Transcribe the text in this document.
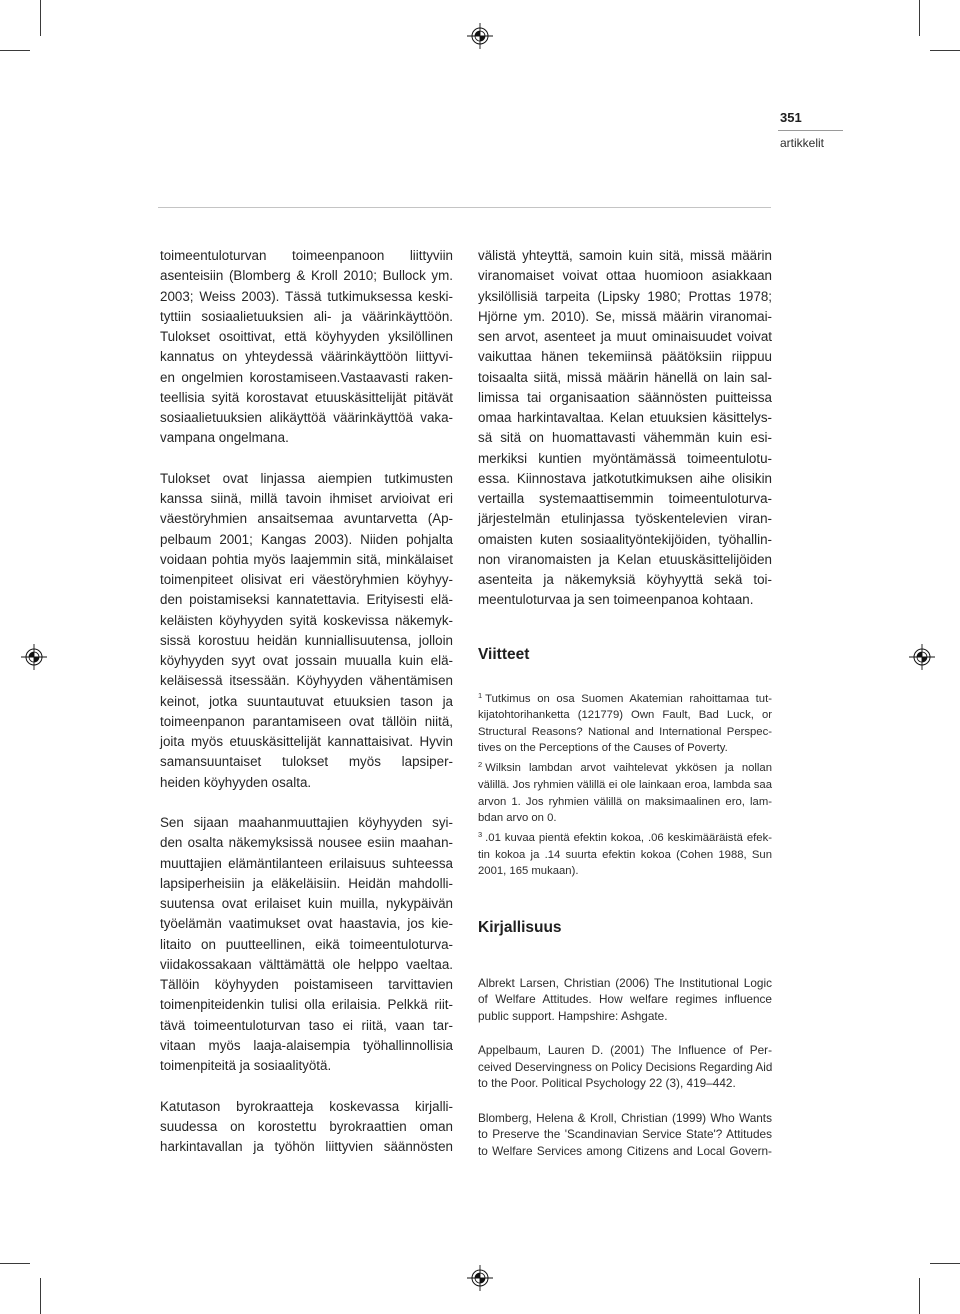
351
artikkelit
toimeentuloturvan toimeenpanoon liittyviin
asenteisiin (Blomberg & Kroll 2010; Bullock ym.
2003; Weiss 2003). Tässä tutkimuksessa keski-
tyttiin sosiaalietuuksien ali- ja väärinkäyttöön.
Tulokset osoittivat, että köyhyyden yksilöllinen
kannatus on yhteydessä väärinkäyttöön liittyvi-
en ongelmien korostamiseen.Vastaavasti raken-
teellisia syitä korostavat etuuskäsittelijät pitävät
sosiaalietuuksien alikäyttöä väärinkäyttöä vaka-
vampana ongelmana.
Tulokset ovat linjassa aiempien tutkimusten
kanssa siinä, millä tavoin ihmiset arvioivat eri
väestöryhmien ansaitsemaa avuntarvetta (Ap-
pelbaum 2001; Kangas 2003). Niiden pohjalta
voidaan pohtia myös laajemmin sitä, minkälaiset
toimenpiteet olisivat eri väestöryhmien köyhyy-
den poistamiseksi kannatettavia. Erityisesti elä-
keläisten köyhyyden syitä koskevissa näkemyk-
sissä korostuu heidän kunniallisuutensa, jolloin
köyhyyden syyt ovat jossain muualla kuin elä-
keläisessä itsessään. Köyhyyden vähentämisen
keinot, jotka suuntautuvat etuuksien tason ja
toimeenpanon parantamiseen ovat tällöin niitä,
joita myös etuuskäsittelijät kannattaisivat. Hyvin
samansuuntaiset tulokset myös lapsiper-
heiden köyhyyden osalta.
Sen sijaan maahanmuuttajien köyhyyden syi-
den osalta näkemyksissä nousee esiin maahan-
muuttajien elämäntilanteen erilaisuus suhteessa
lapsiperheisiin ja eläkeläisiin. Heidän mahdolli-
suutensa ovat erilaiset kuin muilla, nykypäivän
työelämän vaatimukset ovat haastavia, jos kie-
litaito on puutteellinen, eikä toimeentuloturva-
viidakossakaan välttämättä ole helppo vaeltaa.
Tällöin köyhyyden poistamiseen tarvittavien
toimenpiteidenkin tulisi olla erilaisia. Pelkkä riit-
tävä toimeentuloturvan taso ei riitä, vaan tar-
vitaan myös laaja-alaisempia työhallinnollisia
toimenpiteitä ja sosiaalityötä.
Katutason byrokraatteja koskevassa kirjalli-
suudessa on korostettu byrokraattien oman
harkintavallan ja työhön liittyvien säännösten
välistä yhteyttä, samoin kuin sitä, missä määrin
viranomaiset voivat ottaa huomioon asiakkaan
yksilöllisiä tarpeita (Lipsky 1980; Prottas 1978;
Hjörne ym. 2010). Se, missä määrin viranomai-
sen arvot, asenteet ja muut ominaisuudet voivat
vaikuttaa hänen tekemiinsä päätöksiin riippuu
toisaalta siitä, missä määrin hänellä on lain sal-
limissa tai organisaation säännösten puitteissa
omaa harkintavaltaa. Kelan etuuksien käsittelys-
sä sitä on huomattavasti vähemmän kuin esi-
merkiksi kuntien myöntämässä toimeentulotu-
essa. Kiinnostava jatkotutkimuksen aihe olisikin
vertailla systemaattisemmin toimeentuloturva-
järjestelmän etulinjassa työskentelevien viran-
omaisten kuten sosiaalityöntekijöiden, työhallin-
non viranomaisten ja Kelan etuuskäsittelijöiden
asenteita ja näkemyksiä köyhyyttä sekä toi-
meentuloturvaa ja sen toimeenpanoa kohtaan.
Viitteet
$^1$ Tutkimus on osa Suomen Akatemian rahoittamaa tut-
kijatohtorihanketta (121779) Own Fault, Bad Luck, or
Structural Reasons? National and International Perspec-
tives on the Perceptions of the Causes of Poverty.
$^2$ Wilksin lambdan arvot vaihtelevat ykkösen ja nollan
välillä. Jos ryhmien välillä ei ole lainkaan eroa, lambda saa
arvon 1. Jos ryhmien välillä on maksimaalinen ero, lam-
bdan arvo on 0.
$^3$ .01 kuvaa pientä efektin kokoa, .06 keskimääräistä efek-
tin kokoa ja .14 suurta efektin kokoa (Cohen 1988, Sun
2001, 165 mukaan).
Kirjallisuus
Albrekt Larsen, Christian (2006) The Institutional Logic
of Welfare Attitudes. How welfare regimes influence
public support. Hampshire: Ashgate.
Appelbaum, Lauren D. (2001) The Influence of Per-
ceived Deservingness on Policy Decisions Regarding Aid
to the Poor. Political Psychology 22 (3), 419–442.
Blomberg, Helena & Kroll, Christian (1999) Who Wants
to Preserve the 'Scandinavian Service State'? Attitudes
to Welfare Services among Citizens and Local Govern-
